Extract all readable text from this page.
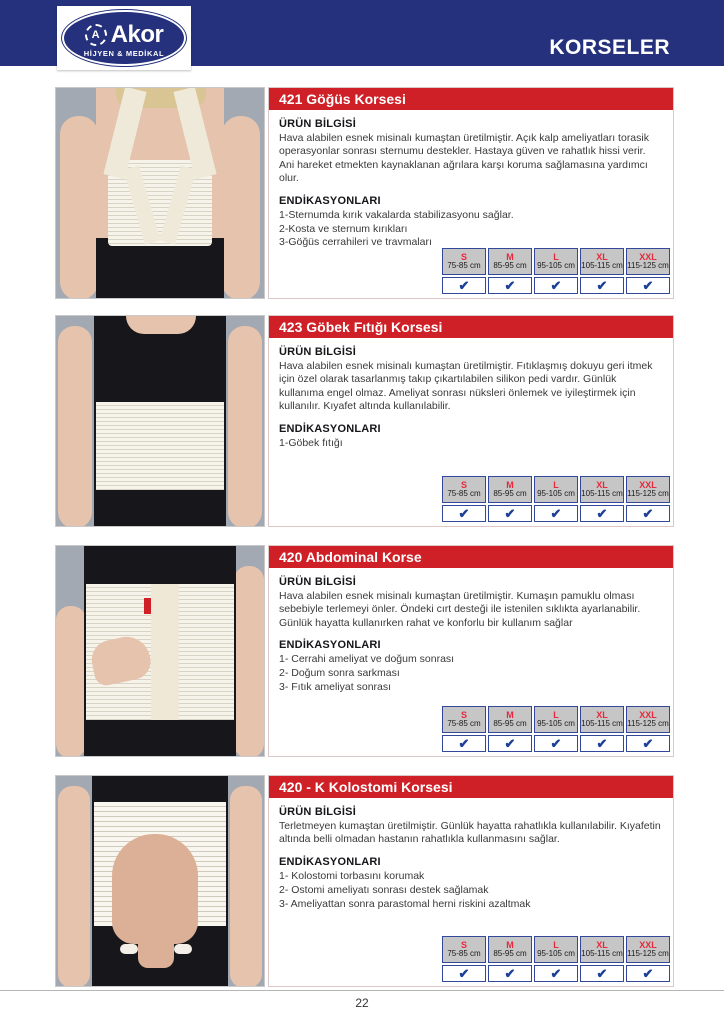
A Akor
HİJYEN & MEDİKAL	KORSELER
421 Göğüs Korsesi
ÜRÜN BİLGİSİ
Hava alabilen esnek misinalı kumaştan üretilmiştir. Açık kalp ameliyatları torasik operasyonlar sonrası sternumu destekler. Hastaya güven ve rahatlık hissi verir. Ani hareket etmekten kaynaklanan ağrılara karşı koruma sağlamasına yardımcı olur.
ENDİKASYONLARI
1-Sternumda kırık vakalarda stabilizasyonu sağlar.
2-Kosta ve sternum kırıkları
3-Göğüs cerrahileri ve travmaları
S
75-85 cm
✔
M
85-95 cm
✔
L
95-105 cm
✔
XL
105-115 cm
✔
XXL
115-125 cm
✔
423 Göbek Fıtığı Korsesi
ÜRÜN BİLGİSİ
Hava alabilen esnek misinalı kumaştan üretilmiştir. Fıtıklaşmış dokuyu geri itmek için özel olarak tasarlanmış takıp çıkartılabilen silikon pedi vardır. Günlük kullanıma engel olmaz. Ameliyat sonrası nüksleri önlemek ve iyileştirmek için kullanılır. Kıyafet altında kullanılabilir.
ENDİKASYONLARI
1-Göbek fıtığı
S
75-85 cm
✔
M
85-95 cm
✔
L
95-105 cm
✔
XL
105-115 cm
✔
XXL
115-125 cm
✔
420 Abdominal Korse
ÜRÜN BİLGİSİ
Hava alabilen esnek misinalı kumaştan üretilmiştir. Kumaşın pamuklu olması sebebiyle terlemeyi önler. Öndeki cırt desteği ile istenilen sıklıkta ayarlanabilir. Günlük hayatta kullanırken rahat ve konforlu bir kullanım sağlar
ENDİKASYONLARI
1- Cerrahi ameliyat ve doğum sonrası
2- Doğum sonra sarkması
3- Fıtık ameliyat sonrası
S
75-85 cm
✔
M
85-95 cm
✔
L
95-105 cm
✔
XL
105-115 cm
✔
XXL
115-125 cm
✔
420 - K Kolostomi Korsesi
ÜRÜN BİLGİSİ
Terletmeyen kumaştan üretilmiştir. Günlük hayatta rahatlıkla kullanılabilir. Kıyafetin altında belli olmadan hastanın rahatlıkla kullanmasını sağlar.
ENDİKASYONLARI
1- Kolostomi torbasını korumak
2- Ostomi ameliyatı sonrası destek sağlamak
3- Ameliyattan sonra parastomal herni riskini azaltmak
S
75-85 cm
✔
M
85-95 cm
✔
L
95-105 cm
✔
XL
105-115 cm
✔
XXL
115-125 cm
✔
22
